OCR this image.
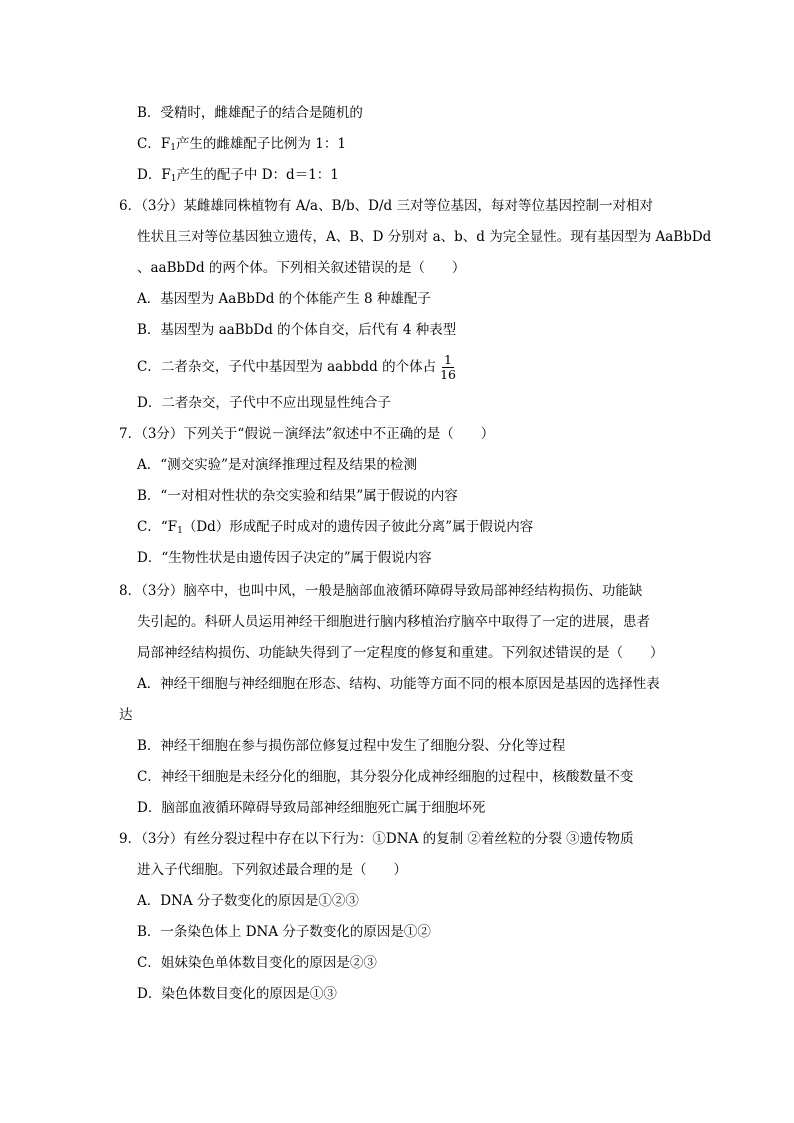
B．受精时，雌雄配子的结合是随机的
C．$F_1$产生的雌雄配子比例为 1：1
D．$F_1$产生的配子中 D：d＝1：1
6．（3分）某雌雄同株植物有 A/a、B/b、D/d 三对等位基因，每对等位基因控制一对相对
性状且三对等位基因独立遗传，A、B、D 分别对 a、b、d 为完全显性。现有基因型为 AaBbDd
、aaBbDd 的两个体。下列相关叙述错误的是（　　）
A．基因型为 AaBbDd 的个体能产生 8 种雄配子
B．基因型为 aaBbDd 的个体自交，后代有 4 种表型
C．二者杂交，子代中基因型为 aabbdd 的个体占 $\frac{1}{16}$
D．二者杂交，子代中不应出现显性纯合子
7．（3分）下列关于“假说－演绎法”叙述中不正确的是（　　）
A．“测交实验”是对演绎推理过程及结果的检测
B．“一对相对性状的杂交实验和结果”属于假说的内容
C．“$F_1(Dd)$形成配子时成对的遗传因子彼此分离”属于假说内容
D．“生物性状是由遗传因子决定的”属于假说内容
8．（3分）脑卒中，也叫中风，一般是脑部血液循环障碍导致局部神经结构损伤、功能缺
失引起的。科研人员运用神经干细胞进行脑内移植治疗脑卒中取得了一定的进展，患者
局部神经结构损伤、功能缺失得到了一定程度的修复和重建。下列叙述错误的是（　　）
A．神经干细胞与神经细胞在形态、结构、功能等方面不同的根本原因是基因的选择性表
达
B．神经干细胞在参与损伤部位修复过程中发生了细胞分裂、分化等过程
C．神经干细胞是未经分化的细胞，其分裂分化成神经细胞的过程中，核酸数量不变
D．脑部血液循环障碍导致局部神经细胞死亡属于细胞坏死
9．（3分）有丝分裂过程中存在以下行为：①DNA 的复制 ②着丝粒的分裂 ③遗传物质
进入子代细胞。下列叙述最合理的是（　　）
A．DNA 分子数变化的原因是①②③
B．一条染色体上 DNA 分子数变化的原因是①②
C．姐妹染色单体数目变化的原因是②③
D．染色体数目变化的原因是①③
